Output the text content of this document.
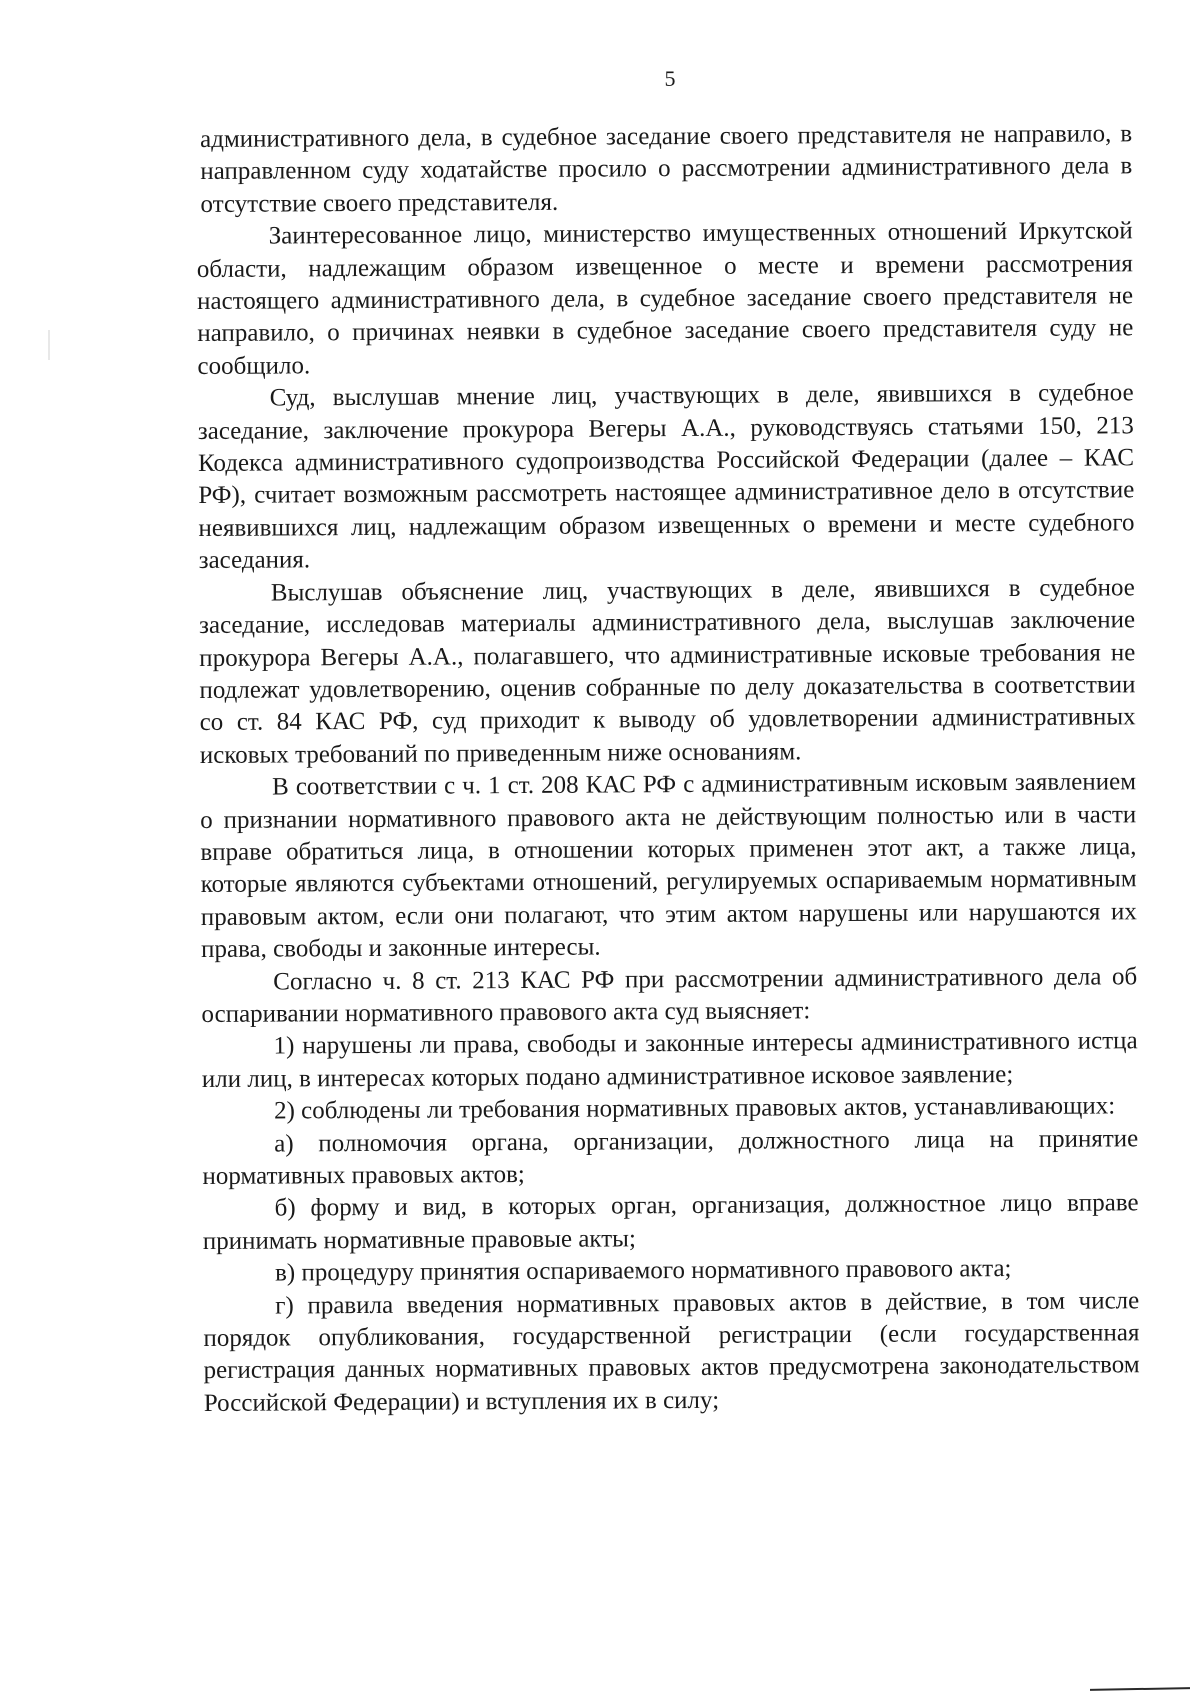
5

административного дела, в судебное заседание своего представителя не направило, в направленном суду ходатайстве просило о рассмотрении административного дела в отсутствие своего представителя.

Заинтересованное лицо, министерство имущественных отношений Иркутской области, надлежащим образом извещенное о месте и времени рассмотрения настоящего административного дела, в судебное заседание своего представителя не направило, о причинах неявки в судебное заседание своего представителя суду не сообщило.

Суд, выслушав мнение лиц, участвующих в деле, явившихся в судебное заседание, заключение прокурора Вегеры А.А., руководствуясь статьями 150, 213 Кодекса административного судопроизводства Российской Федерации (далее – КАС РФ), считает возможным рассмотреть настоящее административное дело в отсутствие неявившихся лиц, надлежащим образом извещенных о времени и месте судебного заседания.

Выслушав объяснение лиц, участвующих в деле, явившихся в судебное заседание, исследовав материалы административного дела, выслушав заключение прокурора Вегеры А.А., полагавшего, что административные исковые требования не подлежат удовлетворению, оценив собранные по делу доказательства в соответствии со ст. 84 КАС РФ, суд приходит к выводу об удовлетворении административных исковых требований по приведенным ниже основаниям.

В соответствии с ч. 1 ст. 208 КАС РФ с административным исковым заявлением о признании нормативного правового акта не действующим полностью или в части вправе обратиться лица, в отношении которых применен этот акт, а также лица, которые являются субъектами отношений, регулируемых оспариваемым нормативным правовым актом, если они полагают, что этим актом нарушены или нарушаются их права, свободы и законные интересы.

Согласно ч. 8 ст. 213 КАС РФ при рассмотрении административного дела об оспаривании нормативного правового акта суд выясняет:

1) нарушены ли права, свободы и законные интересы административного истца или лиц, в интересах которых подано административное исковое заявление;

2) соблюдены ли требования нормативных правовых актов, устанавливающих:

а) полномочия органа, организации, должностного лица на принятие нормативных правовых актов;

б) форму и вид, в которых орган, организация, должностное лицо вправе принимать нормативные правовые акты;

в) процедуру принятия оспариваемого нормативного правового акта;

г) правила введения нормативных правовых актов в действие, в том числе порядок опубликования, государственной регистрации (если государственная регистрация данных нормативных правовых актов предусмотрена законодательством Российской Федерации) и вступления их в силу;
